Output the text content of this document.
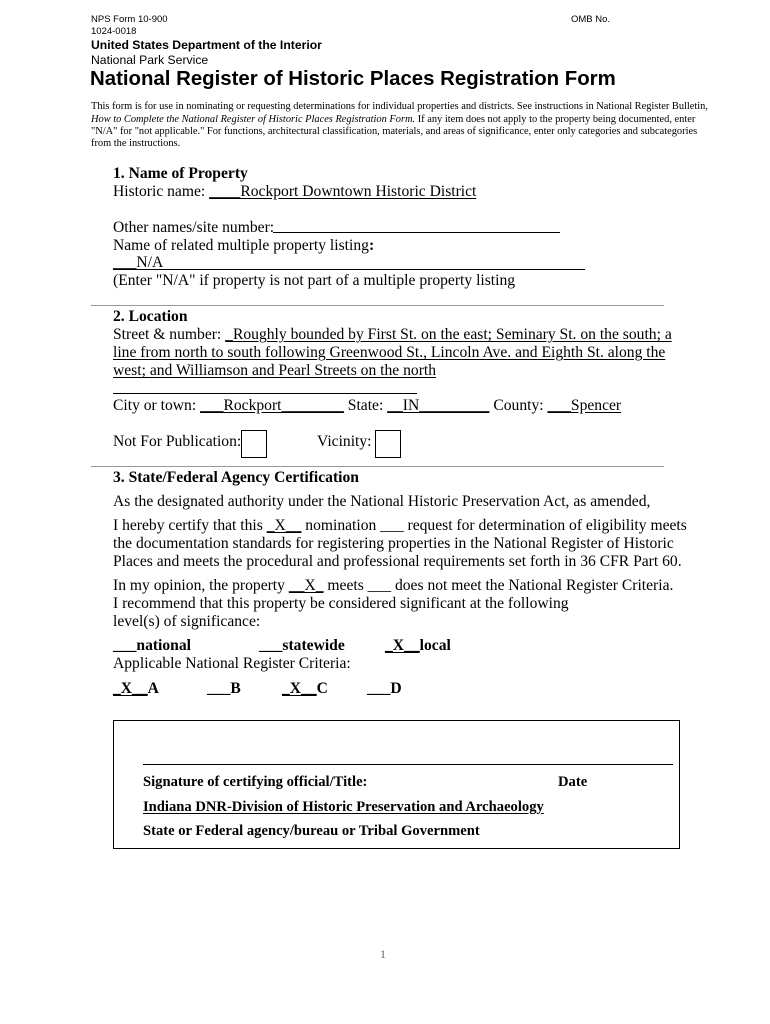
NPS Form 10-900
1024-0018
OMB No.
United States Department of the Interior
National Park Service
National Register of Historic Places Registration Form
This form is for use in nominating or requesting determinations for individual properties and districts. See instructions in National Register Bulletin,
How to Complete the National Register of Historic Places Registration Form. If any item does not apply to the property being documented, enter
"N/A" for "not applicable." For functions, architectural classification, materials, and areas of significance, enter only categories and subcategories
from the instructions.
1. Name of Property
Historic name: ____Rockport Downtown Historic District
Other names/site number:
Name of related multiple property listing:
___N/A
(Enter "N/A" if property is not part of a multiple property listing
2. Location
Street & number: _Roughly bounded by First St. on the east; Seminary St. on the south; a
line from north to south following Greenwood St., Lincoln Ave. and Eighth St. along the
west; and Williamson and Pearl Streets on the north
City or town: ___Rockport________ State: __IN_________ County: ___Spencer
Not For Publication:	Vicinity:
3. State/Federal Agency Certification
As the designated authority under the National Historic Preservation Act, as amended,
I hereby certify that this _X__ nomination ___ request for determination of eligibility meets
the documentation standards for registering properties in the National Register of Historic
Places and meets the procedural and professional requirements set forth in 36 CFR Part 60.
In my opinion, the property __X_ meets ___ does not meet the National Register Criteria.
I recommend that this property be considered significant at the following
level(s) of significance:
___national	___statewide	_X__local
Applicable National Register Criteria:
_X__A	___B	_X__C	___D
Signature of certifying official/Title:	Date
Indiana DNR-Division of Historic Preservation and Archaeology
State or Federal agency/bureau or Tribal Government
1
